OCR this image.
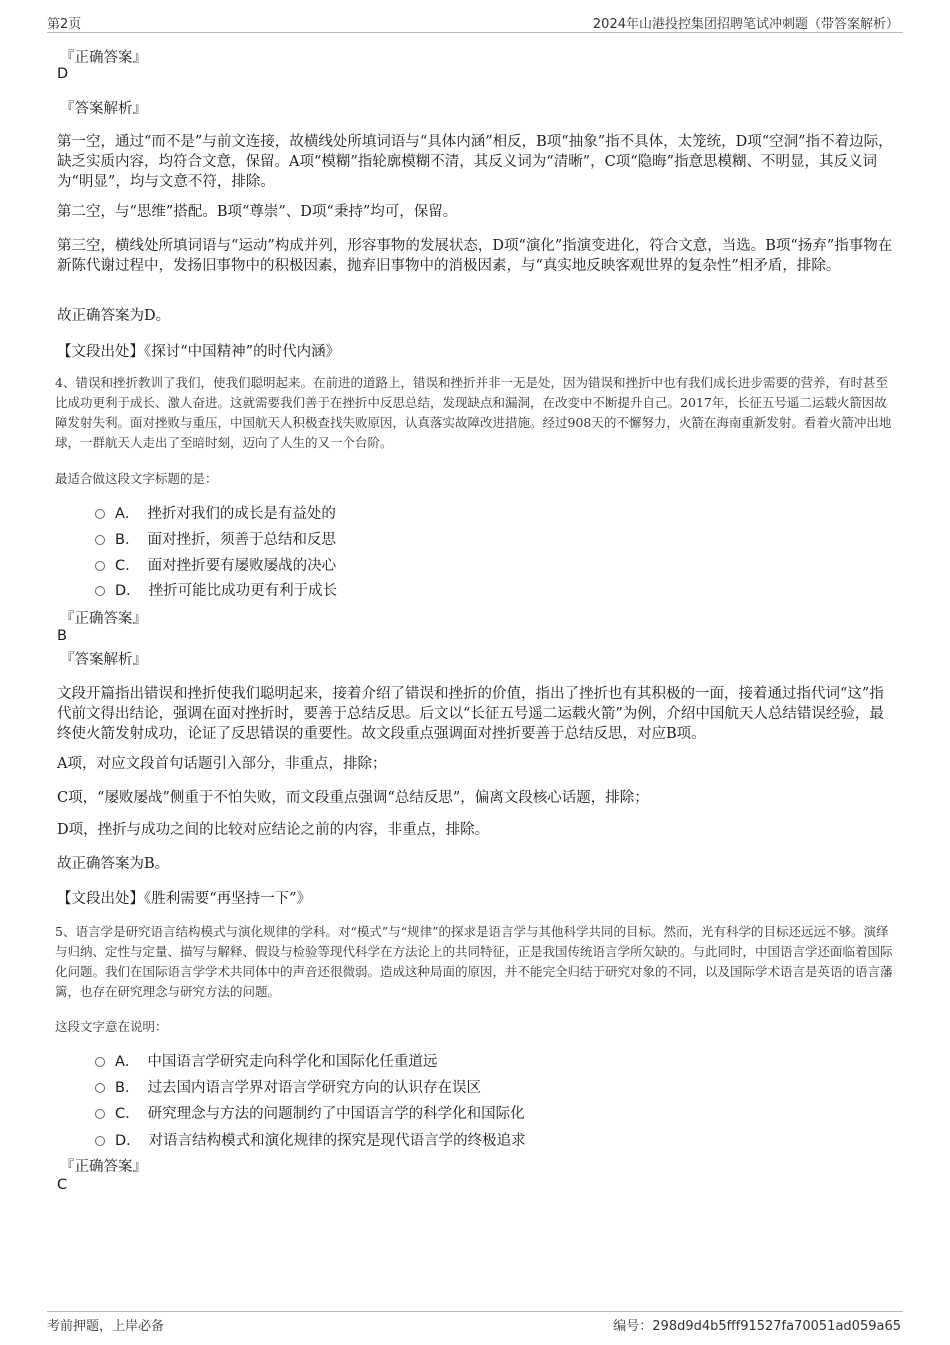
第2页	2024年山港投控集团招聘笔试冲刺题（带答案解析）
『正确答案』
D
『答案解析』

第一空，通过“而不是”与前文连接，故横线处所填词语与“具体内涵”相反，B项“抽象”指不具体，太笼统，D项“空洞”指不着边际，缺乏实质内容，均符合文意，保留。A项“模糊”指轮廓模糊不清，其反义词为“清晰”，C项“隐晦”指意思模糊、不明显，其反义词为“明显”，均与文意不符，排除。

第二空，与“思维”搭配。B项“尊崇”、D项“秉持”均可，保留。

第三空，横线处所填词语与“运动”构成并列，形容事物的发展状态，D项“演化”指演变进化，符合文意，当选。B项“扬弃”指事物在新陈代谢过程中，发扬旧事物中的积极因素，抛弃旧事物中的消极因素，与“真实地反映客观世界的复杂性”相矛盾，排除。

故正确答案为D。

【文段出处】《探讨“中国精神”的时代内涵》

4、错误和挫折教训了我们，使我们聪明起来。在前进的道路上，错误和挫折并非一无是处，因为错误和挫折中也有我们成长进步需要的营养，有时甚至比成功更利于成长、激人奋进。这就需要我们善于在挫折中反思总结，发现缺点和漏洞，在改变中不断提升自己。2017年，长征五号遥二运载火箭因故障发射失利。面对挫败与重压，中国航天人积极查找失败原因，认真落实故障改进措施。经过908天的不懈努力，火箭在海南重新发射。看着火箭冲出地球，一群航天人走出了至暗时刻，迈向了人生的又一个台阶。

最适合做这段文字标题的是：
A． 挫折对我们的成长是有益处的
B． 面对挫折，须善于总结和反思
C． 面对挫折要有屡败屡战的决心
D． 挫折可能比成功更有利于成长
『正确答案』
B
『答案解析』

文段开篇指出错误和挫折使我们聪明起来，接着介绍了错误和挫折的价值，指出了挫折也有其积极的一面，接着通过指代词“这”指代前文得出结论，强调在面对挫折时，要善于总结反思。后文以“长征五号遥二运载火箭”为例，介绍中国航天人总结错误经验，最终使火箭发射成功，论证了反思错误的重要性。故文段重点强调面对挫折要善于总结反思，对应B项。

A项，对应文段首句话题引入部分，非重点，排除；

C项，“屡败屡战”侧重于不怕失败，而文段重点强调“总结反思”，偏离文段核心话题，排除；

D项，挫折与成功之间的比较对应结论之前的内容，非重点，排除。

故正确答案为B。

【文段出处】《胜利需要“再坚持一下”》

5、语言学是研究语言结构模式与演化规律的学科。对“模式”与“规律”的探求是语言学与其他科学共同的目标。然而，光有科学的目标还远远不够。演绎与归纳、定性与定量、描写与解释、假设与检验等现代科学在方法论上的共同特征，正是我国传统语言学所欠缺的。与此同时，中国语言学还面临着国际化问题。我们在国际语言学学术共同体中的声音还很微弱。造成这种局面的原因，并不能完全归结于研究对象的不同，以及国际学术语言是英语的语言藩篱，也存在研究理念与研究方法的问题。

这段文字意在说明：
A． 中国语言学研究走向科学化和国际化任重道远
B． 过去国内语言学界对语言学研究方向的认识存在误区
C． 研究理念与方法的问题制约了中国语言学的科学化和国际化
D． 对语言结构模式和演化规律的探究是现代语言学的终极追求
『正确答案』
C
考前押题，上岸必备	编号：298d9d4b5fff91527fa70051ad059a65
